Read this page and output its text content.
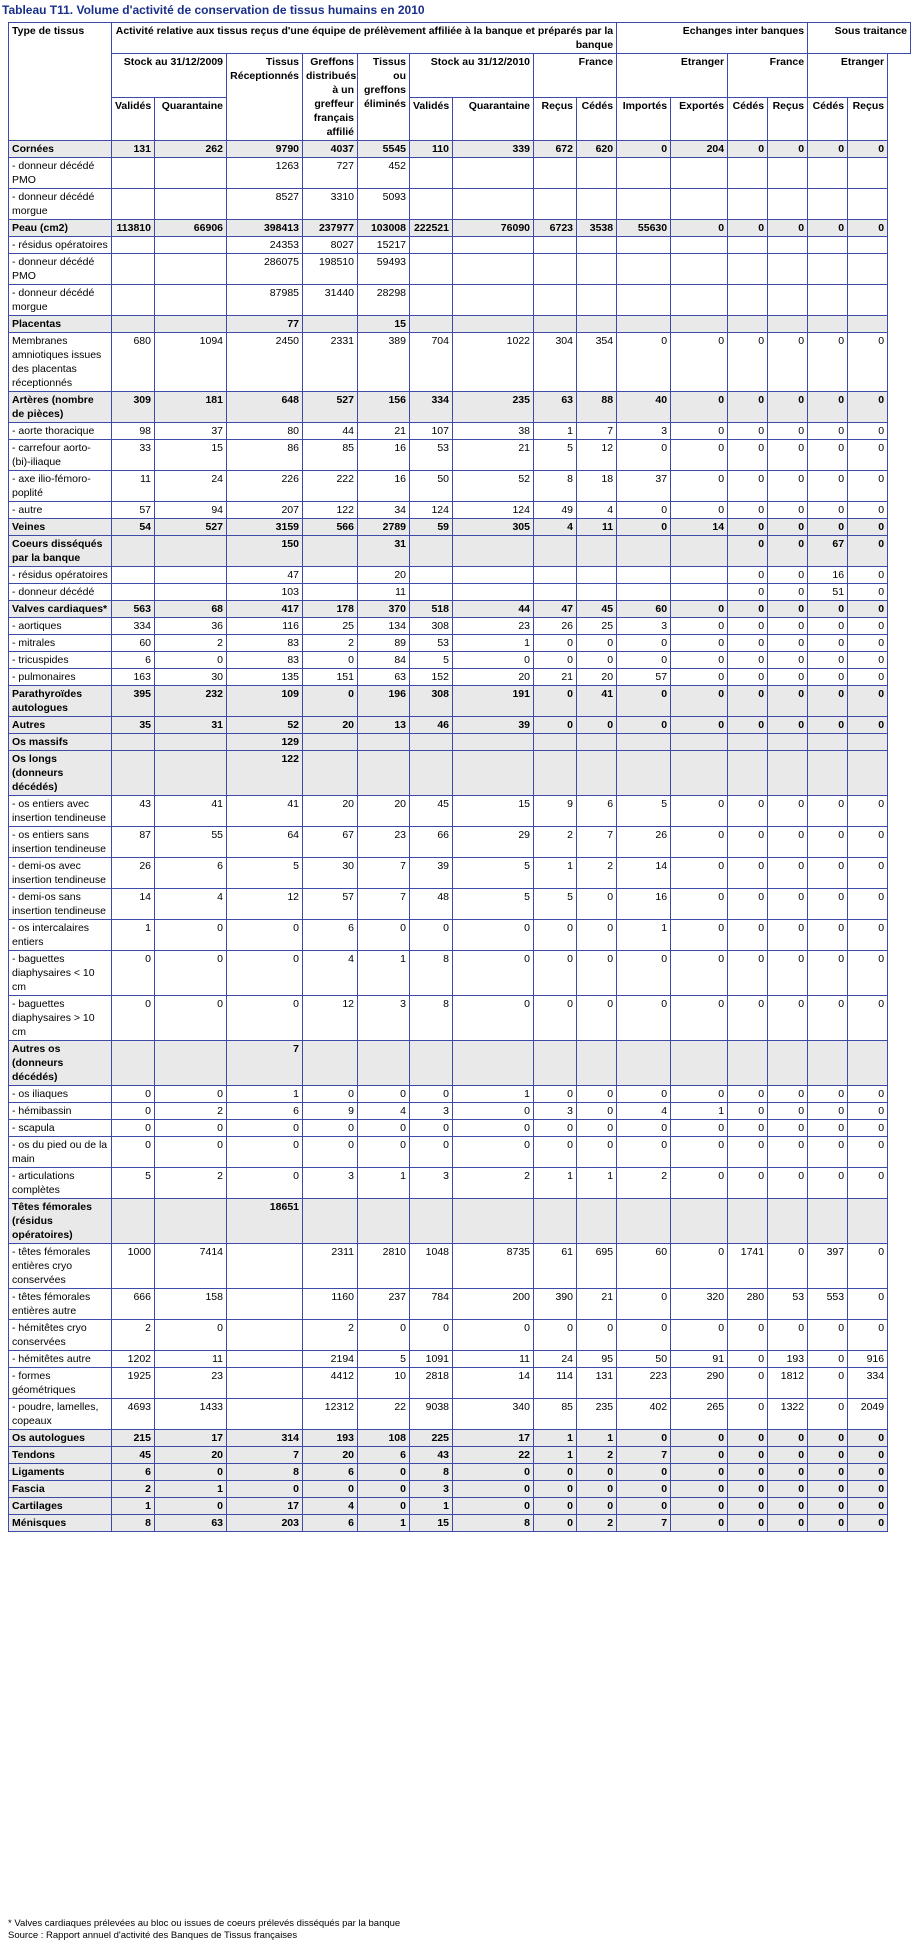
Tableau T11. Volume d'activité de conservation de tissus humains en 2010
Type de tissus	Activité relative aux tissus reçus d'une équipe de prélèvement affiliée à la banque et préparés par la banque									Echanges inter banques				Sous traitance	
	Stock au 31/12/2009		Tissus Réceptionnés	Greffons distribués à un greffeur français affilié	Tissus ou greffons éliminés	Stock au 31/12/2010		France		Etranger		France		Etranger	
	Validés	Quarantaine				Validés	Quarantaine	Reçus	Cédés	Importés	Exportés	Cédés	Reçus	Cédés	Reçus
Cornées	131	262	9790	4037	5545	110	339	672	620	0	204	0	0	0	0
- donneur décédé PMO			1263	727	452										
- donneur décédé morgue			8527	3310	5093										
Peau (cm2)	113810	66906	398413	237977	103008	222521	76090	6723	3538	55630	0	0	0	0	0
- résidus opératoires			24353	8027	15217										
- donneur décédé PMO			286075	198510	59493										
- donneur décédé morgue			87985	31440	28298										
Placentas			77		15										
Membranes amniotiques issues des placentas réceptionnés	680	1094	2450	2331	389	704	1022	304	354	0	0	0	0	0	0
Artères (nombre de pièces)	309	181	648	527	156	334	235	63	88	40	0	0	0	0	0
- aorte thoracique	98	37	80	44	21	107	38	1	7	3	0	0	0	0	0
- carrefour aorto-(bi)-iliaque	33	15	86	85	16	53	21	5	12	0	0	0	0	0	0
- axe ilio-fémoro-poplité	11	24	226	222	16	50	52	8	18	37	0	0	0	0	0
- autre	57	94	207	122	34	124	124	49	4	0	0	0	0	0	0
Veines	54	527	3159	566	2789	59	305	4	11	0	14	0	0	0	0
Coeurs disséqués par la banque			150		31							0	0	67	0
- résidus opératoires			47		20							0	0	16	0
- donneur décédé			103		11							0	0	51	0
Valves cardiaques*	563	68	417	178	370	518	44	47	45	60	0	0	0	0	0
- aortiques	334	36	116	25	134	308	23	26	25	3	0	0	0	0	0
- mitrales	60	2	83	2	89	53	1	0	0	0	0	0	0	0	0
- tricuspides	6	0	83	0	84	5	0	0	0	0	0	0	0	0	0
- pulmonaires	163	30	135	151	63	152	20	21	20	57	0	0	0	0	0
Parathyroïdes autologues	395	232	109	0	196	308	191	0	41	0	0	0	0	0	0
Autres	35	31	52	20	13	46	39	0	0	0	0	0	0	0	0
Os massifs			129												
Os longs (donneurs décédés)			122												
- os entiers avec insertion tendineuse	43	41	41	20	20	45	15	9	6	5	0	0	0	0	0
- os entiers sans insertion tendineuse	87	55	64	67	23	66	29	2	7	26	0	0	0	0	0
- demi-os avec insertion tendineuse	26	6	5	30	7	39	5	1	2	14	0	0	0	0	0
- demi-os sans insertion tendineuse	14	4	12	57	7	48	5	5	0	16	0	0	0	0	0
- os intercalaires entiers	1	0	0	6	0	0	0	0	0	1	0	0	0	0	0
- baguettes diaphysaires < 10 cm	0	0	0	4	1	8	0	0	0	0	0	0	0	0	0
- baguettes diaphysaires > 10 cm	0	0	0	12	3	8	0	0	0	0	0	0	0	0	0
Autres os (donneurs décédés)			7												
- os iliaques	0	0	1	0	0	0	1	0	0	0	0	0	0	0	0
- hémibassin	0	2	6	9	4	3	0	3	0	4	1	0	0	0	0
- scapula	0	0	0	0	0	0	0	0	0	0	0	0	0	0	0
- os du pied ou de la main	0	0	0	0	0	0	0	0	0	0	0	0	0	0	0
- articulations complètes	5	2	0	3	1	3	2	1	1	2	0	0	0	0	0
Têtes fémorales (résidus opératoires)			18651												
- têtes fémorales entières cryo conservées	1000	7414		2311	2810	1048	8735	61	695	60	0	1741	0	397	0
- têtes fémorales entières autre	666	158		1160	237	784	200	390	21	0	320	280	53	553	0
- hémitêtes cryo conservées	2	0		2	0	0	0	0	0	0	0	0	0	0	0
- hémitêtes autre	1202	11		2194	5	1091	11	24	95	50	91	0	193	0	916
- formes géométriques	1925	23		4412	10	2818	14	114	131	223	290	0	1812	0	334
- poudre, lamelles, copeaux	4693	1433		12312	22	9038	340	85	235	402	265	0	1322	0	2049
Os autologues	215	17	314	193	108	225	17	1	1	0	0	0	0	0	0
Tendons	45	20	7	20	6	43	22	1	2	7	0	0	0	0	0
Ligaments	6	0	8	6	0	8	0	0	0	0	0	0	0	0	0
Fascia	2	1	0	0	0	3	0	0	0	0	0	0	0	0	0
Cartilages	1	0	17	4	0	1	0	0	0	0	0	0	0	0	0
Ménisques	8	63	203	6	1	15	8	0	2	7	0	0	0	0	0
* Valves cardiaques prélevées au bloc ou issues de coeurs prélevés disséqués par la banque
Source : Rapport annuel d'activité des Banques de Tissus françaises
